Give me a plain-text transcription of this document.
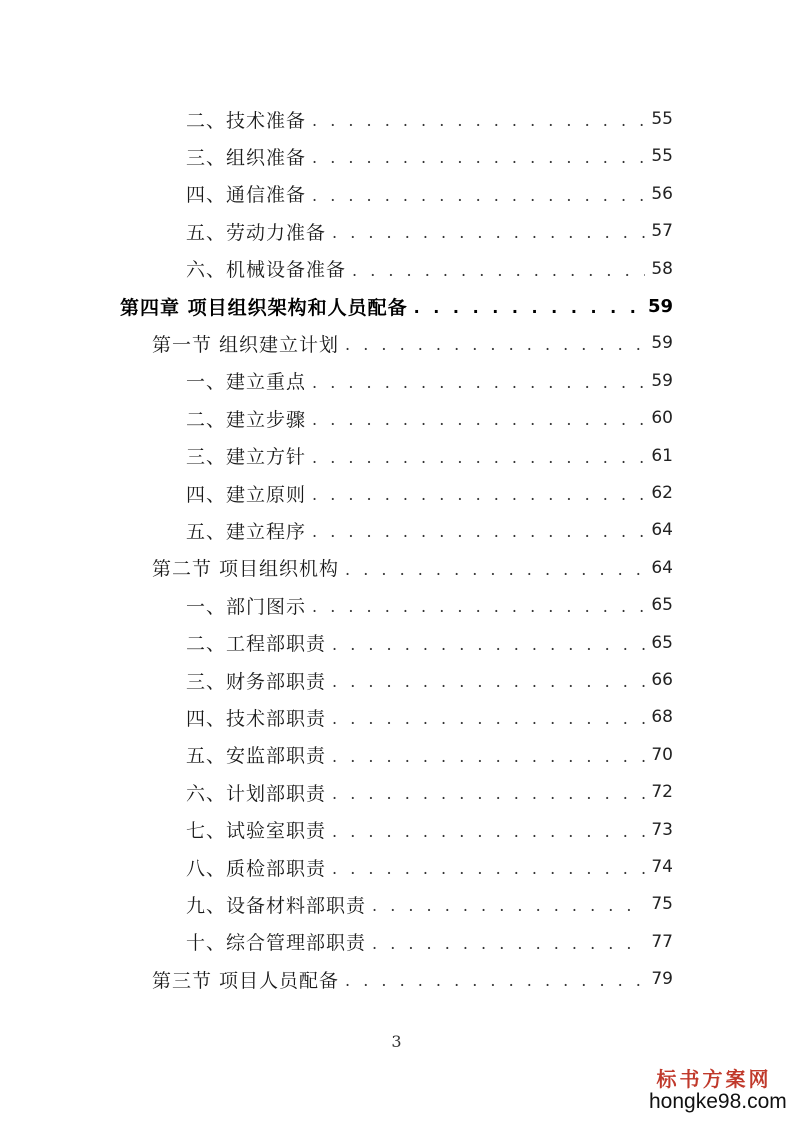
二、技术准备 . . .	55
三、组织准备 . . .	55
四、通信准备 . . .	56
五、劳动力准备 . . .	57
六、机械设备准备 . . .	58
第四章 项目组织架构和人员配备 . . .	59
第一节 组织建立计划 . . .	59
一、建立重点 . . .	59
二、建立步骤 . . .	60
三、建立方针 . . .	61
四、建立原则 . . .	62
五、建立程序 . . .	64
第二节 项目组织机构 . . .	64
一、部门图示 . . .	65
二、工程部职责 . . .	65
三、财务部职责 . . .	66
四、技术部职责 . . .	68
五、安监部职责 . . .	70
六、计划部职责 . . .	72
七、试验室职责 . . .	73
八、质检部职责 . . .	74
九、设备材料部职责 . . .	75
十、综合管理部职责 . . .	77
第三节 项目人员配备 . . .	79
3
标书方案网
hongke98.com
